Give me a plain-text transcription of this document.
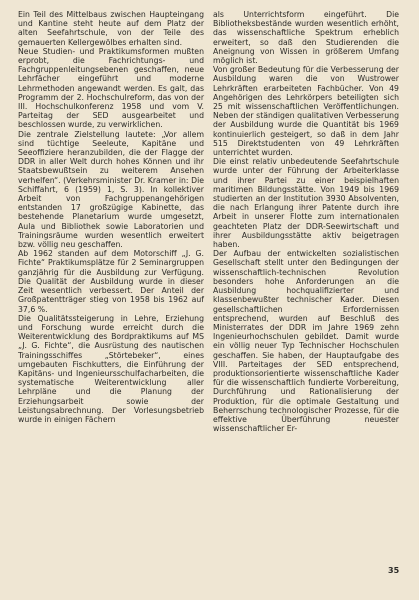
Ein Teil des Mittelbaus zwischen Haupteingang und Kantine steht heute auf dem Platz der alten Seefahrtschule, von der Teile des gemauerten Kellergewölbes erhalten sind.

Neue Studien- und Praktikumsformen mußten erprobt, die Fachrichtungs- und Fachgruppenleitungsebenen geschaffen, neue Lehrfächer eingeführt und moderne Lehrmethoden angewandt werden. Es galt, das Programm der 2. Hochschulreform, das von der III. Hochschulkonferenz 1958 und vom V. Parteitag der SED ausgearbeitet und beschlossen wurde, zu verwirklichen.

Die zentrale Zielstellung lautete: „Vor allem sind tüchtige Seeleute, Kapitäne und Seeoffiziere heranzubilden, die der Flagge der DDR in aller Welt durch hohes Können und ihr Staatsbewußtsein zu weiterem Ansehen verhelfen“. (Verkehrsminister Dr. Kramer in: Die Schiffahrt, 6 (1959) 1, S. 3). In kollektiver Arbeit von Fachgruppenangehörigen entstanden 17 großzügige Kabinette, das bestehende Planetarium wurde umgesetzt, Aula und Bibliothek sowie Laboratorien und Trainingsräume wurden wesentlich erweitert bzw. völlig neu geschaffen.

Ab 1962 standen auf dem Motorschiff „J. G. Fichte“ Praktikumsplätze für 2 Seminargruppen ganzjährig für die Ausbildung zur Verfügung. Die Qualität der Ausbildung wurde in dieser Zeit wesentlich verbessert. Der Anteil der Großpatentträger stieg von 1958 bis 1962 auf 37,6 %.

Die Qualitätssteigerung in Lehre, Erziehung und Forschung wurde erreicht durch die Weiterentwicklung des Bordpraktikums auf MS „J. G. Fichte“, die Ausrüstung des nautischen Trainingsschiffes „Störtebeker“, eines umgebauten Fischkutters, die Einführung der Kapitäns- und Ingenieursschulfacharbeiten, die systematische Weiterentwicklung aller Lehrpläne und die Planung der Erziehungsarbeit sowie der Leistungsabrechnung. Der Vorlesungsbetrieb wurde in einigen Fächern

als Unterrichtsform eingeführt. Die Bibliotheksbestände wurden wesentlich erhöht, das wissenschaftliche Spektrum erheblich erweitert, so daß den Studierenden die Aneignung von Wissen in größerem Umfang möglich ist.

Von großer Bedeutung für die Verbesserung der Ausbildung waren die von Wustrower Lehrkräften erarbeiteten Fachbücher. Von 49 Angehörigen des Lehrkörpers beteiligten sich 25 mit wissenschaftlichen Veröffentlichungen. Neben der ständigen qualitativen Verbesserung der Ausbildung wurde die Quantität bis 1969 kontinuierlich gesteigert, so daß in dem Jahr 515 Direktstudenten von 49 Lehrkräften unterrichtet wurden.

Die einst relativ unbedeutende Seefahrtschule wurde unter der Führung der Arbeiterklasse und ihrer Partei zu einer beispielhaften maritimen Bildungsstätte. Von 1949 bis 1969 studierten an der Institution 3930 Absolventen, die nach Erlangung ihrer Patente durch ihre Arbeit in unserer Flotte zum internationalen geachteten Platz der DDR-Seewirtschaft und ihrer Ausbildungsstätte aktiv beigetragen haben.

Der Aufbau der entwickelten sozialistischen Gesellschaft stellt unter den Bedingungen der wissenschaftlich-technischen Revolution besonders hohe Anforderungen an die Ausbildung hochqualifizierter und klassenbewußter technischer Kader. Diesen gesellschaftlichen Erfordernissen entsprechend, wurden auf Beschluß des Ministerrates der DDR im Jahre 1969 zehn Ingenieurhochschulen gebildet. Damit wurde ein völlig neuer Typ Technischer Hochschulen geschaffen. Sie haben, der Hauptaufgabe des VIII. Parteitages der SED entsprechend, produktionsorientierte wissenschaftliche Kader für die wissenschaftlich fundierte Vorbereitung, Durchführung und Rationalisierung der Produktion, für die optimale Gestaltung und Beherrschung technologischer Prozesse, für die effektive Überführung neuester wissenschaftlicher Er-

35
